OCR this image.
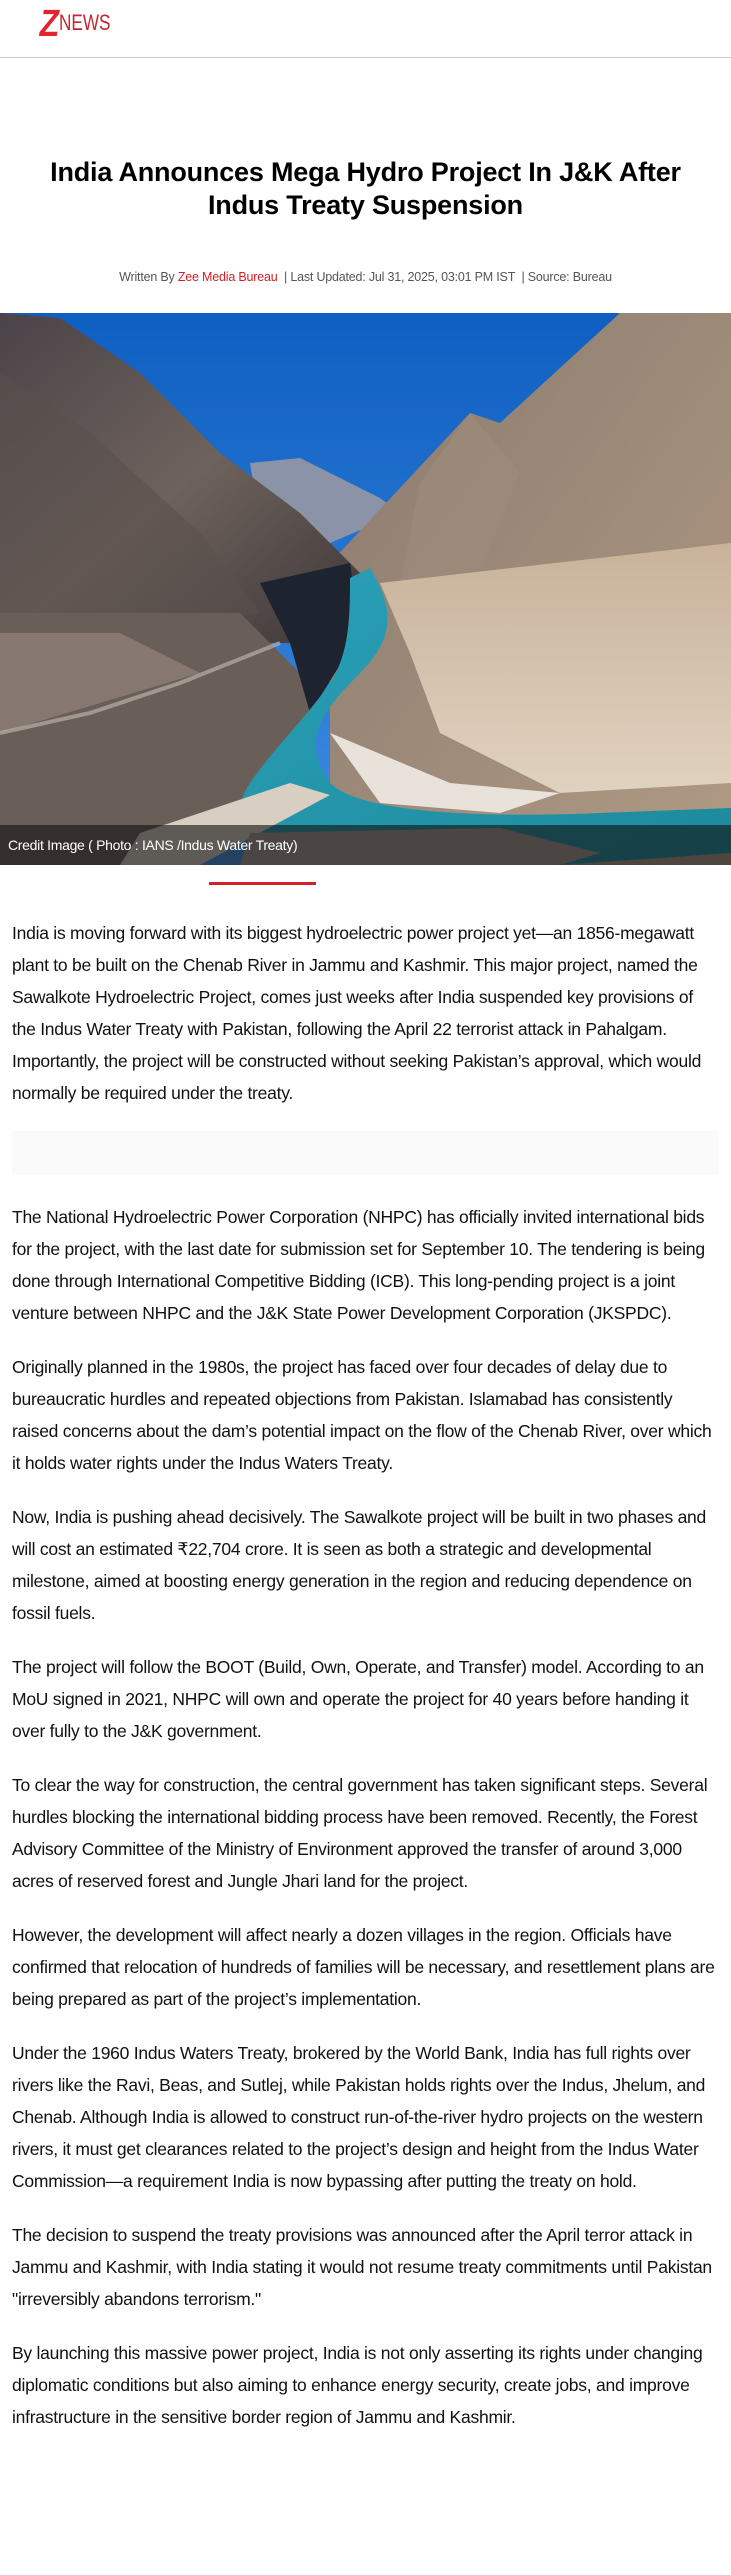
Z
NEWS
India Announces Mega Hydro Project In J&K After Indus Treaty Suspension
Written By Zee Media Bureau  | Last Updated: Jul 31, 2025, 03:01 PM IST  | Source: Bureau
Credit Image ( Photo : IANS /Indus Water Treaty)

India is moving forward with its biggest hydroelectric power project yet—an 1856-megawatt plant to be built on the Chenab River in Jammu and Kashmir. This major project, named the Sawalkote Hydroelectric Project, comes just weeks after India suspended key provisions of the Indus Water Treaty with Pakistan, following the April 22 terrorist attack in Pahalgam. Importantly, the project will be constructed without seeking Pakistan’s approval, which would normally be required under the treaty.

The National Hydroelectric Power Corporation (NHPC) has officially invited international bids for the project, with the last date for submission set for September 10. The tendering is being done through International Competitive Bidding (ICB). This long-pending project is a joint venture between NHPC and the J&K State Power Development Corporation (JKSPDC).

Originally planned in the 1980s, the project has faced over four decades of delay due to bureaucratic hurdles and repeated objections from Pakistan. Islamabad has consistently raised concerns about the dam’s potential impact on the flow of the Chenab River, over which it holds water rights under the Indus Waters Treaty.

Now, India is pushing ahead decisively. The Sawalkote project will be built in two phases and will cost an estimated ₹22,704 crore. It is seen as both a strategic and developmental milestone, aimed at boosting energy generation in the region and reducing dependence on fossil fuels.

The project will follow the BOOT (Build, Own, Operate, and Transfer) model. According to an MoU signed in 2021, NHPC will own and operate the project for 40 years before handing it over fully to the J&K government.

To clear the way for construction, the central government has taken significant steps. Several hurdles blocking the international bidding process have been removed. Recently, the Forest Advisory Committee of the Ministry of Environment approved the transfer of around 3,000 acres of reserved forest and Jungle Jhari land for the project.

However, the development will affect nearly a dozen villages in the region. Officials have confirmed that relocation of hundreds of families will be necessary, and resettlement plans are being prepared as part of the project’s implementation.

Under the 1960 Indus Waters Treaty, brokered by the World Bank, India has full rights over rivers like the Ravi, Beas, and Sutlej, while Pakistan holds rights over the Indus, Jhelum, and Chenab. Although India is allowed to construct run-of-the-river hydro projects on the western rivers, it must get clearances related to the project’s design and height from the Indus Water Commission—a requirement India is now bypassing after putting the treaty on hold.

The decision to suspend the treaty provisions was announced after the April terror attack in Jammu and Kashmir, with India stating it would not resume treaty commitments until Pakistan "irreversibly abandons terrorism."

By launching this massive power project, India is not only asserting its rights under changing diplomatic conditions but also aiming to enhance energy security, create jobs, and improve infrastructure in the sensitive border region of Jammu and Kashmir.
